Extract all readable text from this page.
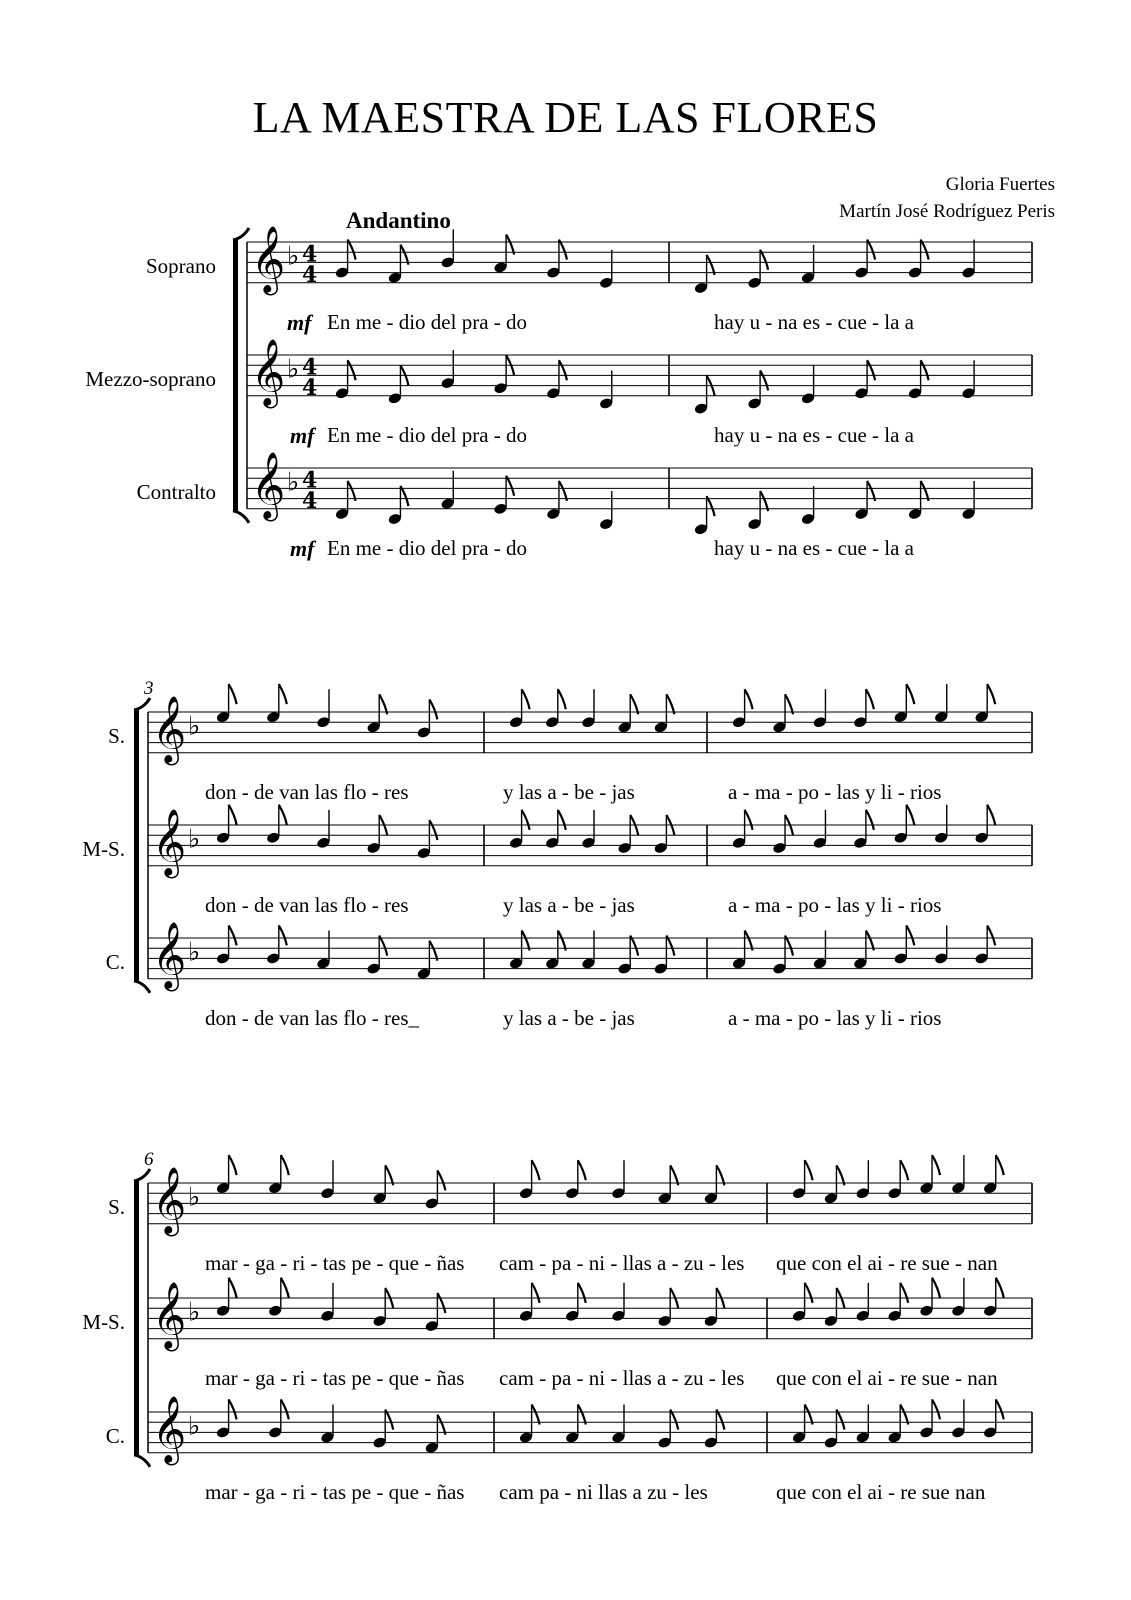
LA MAESTRA DE LAS FLORES
Gloria Fuertes
Martín José Rodríguez Peris
Andantino
Soprano
mf
Mezzo-soprano
mf
Contralto
mf
3
S.
M-S.
C.
6
S.
M-S.
C.
En me - dio del pra - do	hay u - na es - cue - la a
En me - dio del pra - do	hay u - na es - cue - la a
En me - dio del pra - do	hay u - na es - cue - la a
don - de van las flo - res	y las a - be - jas	a - ma - po - las y li - rios
don - de van las flo - res	y las a - be - jas	a - ma - po - las y li - rios
don - de van las flo - res_	y las a - be - jas	a - ma - po - las y li - rios
mar - ga - ri - tas pe - que - ñas cam - pa - ni - llas a - zu - les que con el ai - re sue - nan
mar - ga - ri - tas pe - que - ñas cam - pa - ni - llas a - zu - les que con el ai - re sue - nan
mar - ga - ri - tas pe - que - ñas cam pa - ni llas a zu - les	que con el ai - re sue nan
𝄞 ♭ 4
4
𝄞 ♭ 4
4
𝄞 ♭ 4
4
𝄞 ♭
𝄞 ♭
𝄞 ♭
𝄞 ♭
𝄞 ♭
𝄞 ♭
